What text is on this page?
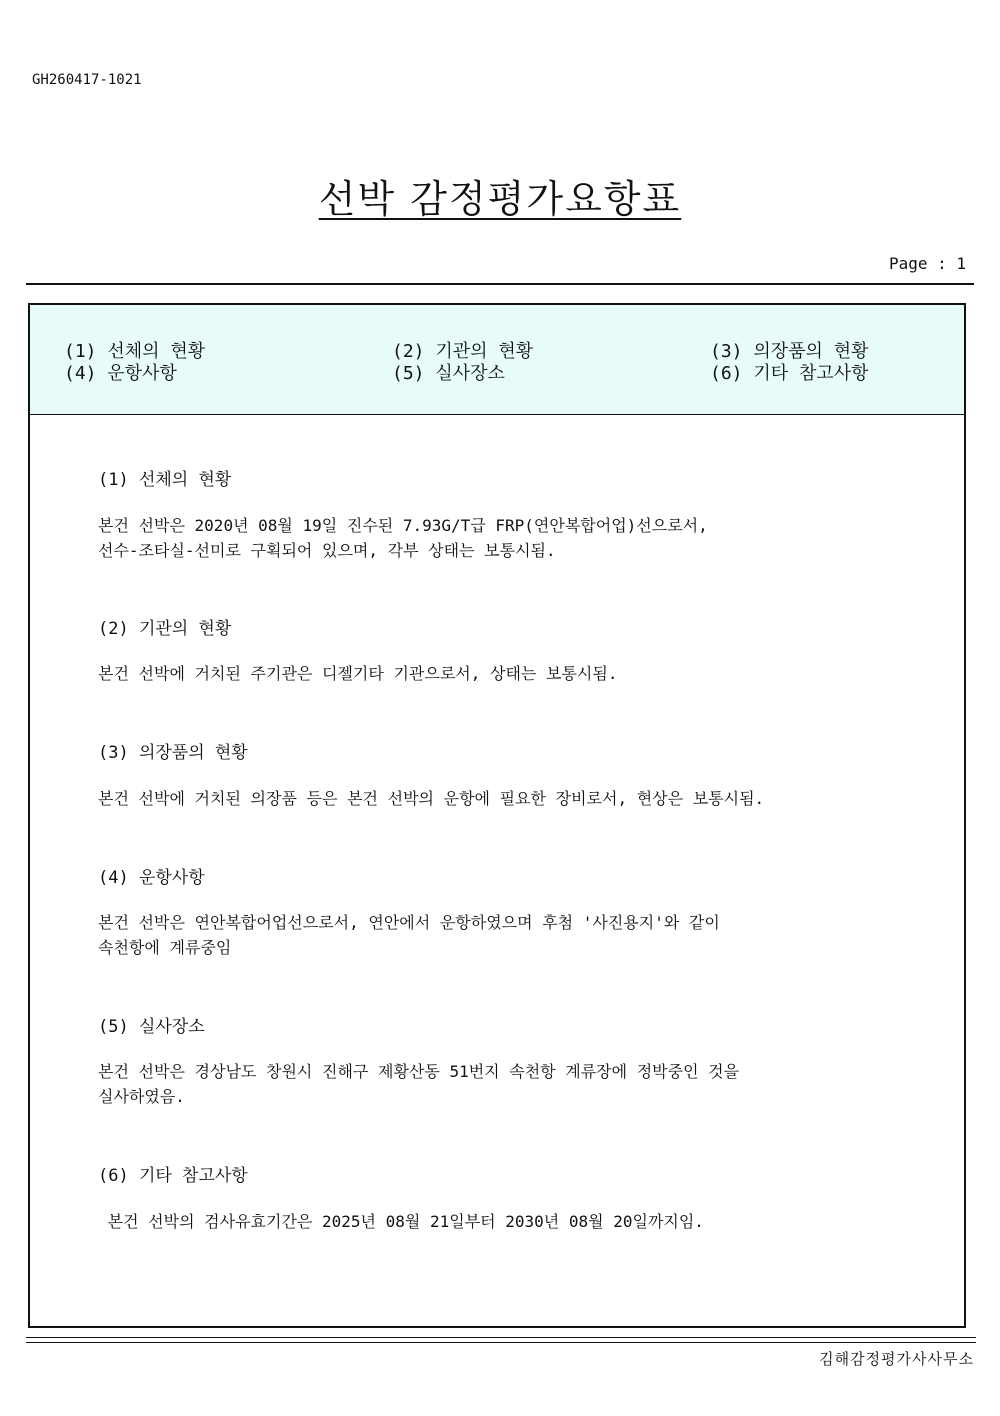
GH260417-1021
선박 감정평가요항표
Page : 1
(1) 선체의 현황	(2) 기관의 현황	(3) 의장품의 현황
(4) 운항사항	(5) 실사장소	(6) 기타 참고사항
(1) 선체의 현황
본건 선박은 2020년 08월 19일 진수된 7.93G/T급 FRP(연안복합어업)선으로서,
선수-조타실-선미로 구획되어 있으며, 각부 상태는 보통시됨.
(2) 기관의 현황
본건 선박에 거치된 주기관은 디젤기타 기관으로서, 상태는 보통시됨.
(3) 의장품의 현황
본건 선박에 거치된 의장품 등은 본건 선박의 운항에 필요한 장비로서, 현상은 보통시됨.
(4) 운항사항
본건 선박은 연안복합어업선으로서, 연안에서 운항하였으며 후첨 '사진용지'와 같이
속천항에 계류중임
(5) 실사장소
본건 선박은 경상남도 창원시 진해구 제황산동 51번지 속천항 계류장에 정박중인 것을
실사하였음.
(6) 기타 참고사항
본건 선박의 검사유효기간은 2025년 08월 21일부터 2030년 08월 20일까지임.
김해감정평가사사무소
